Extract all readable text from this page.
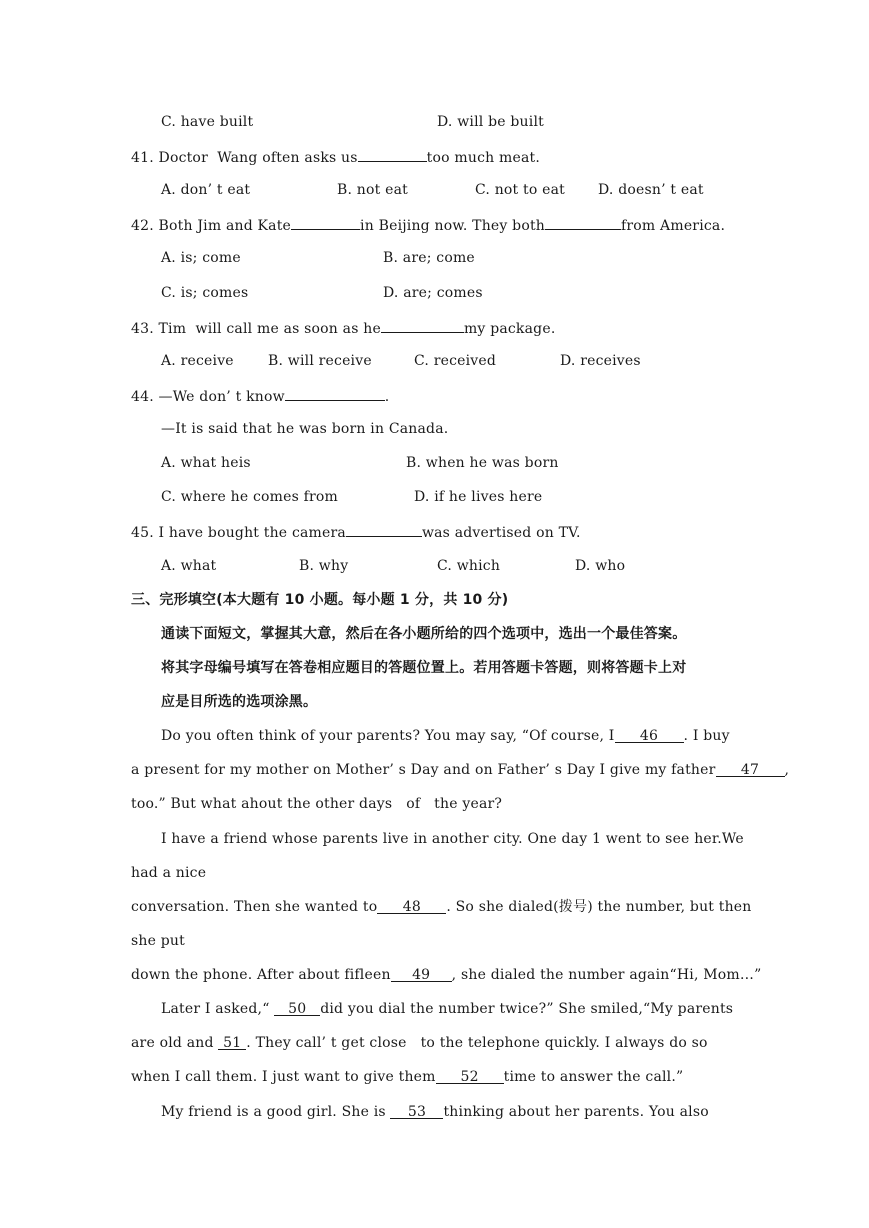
C. have built	D. will be built
41. Doctor  Wang often asks us	too much meat.
A. don’ t eat	B. not eat	C. not to eat D. doesn’ t eat
42. Both Jim and Kate	in Beijing now. They both	from America.
A. is; come	B. are; come
C. is; comes	D. are; comes
43. Tim  will call me as soon as he	my package.
A. receive B. will receive	C. received	D. receives
44. —We don’ t know	.
—It is said that he was born in Canada.
A. what heis	B. when he was born
C. where he comes from	D. if he lives here
45. I have bought the camera	was advertised on TV.
A. what	B. why	C. which	D. who
三、完形填空(本大题有 10 小题。每小题 1 分，共 10 分)
通读下面短文，掌握其大意，然后在各小题所给的四个选项中，选出一个最佳答案。
将其字母编号填写在答卷相应题目的答题位置上。若用答题卡答题，则将答题卡上对
应是目所选的选项涂黑。
Do you often think of your parents? You may say, “Of course, I 46 . I buy
a present for my mother on Mother’ s Day and on Father’ s Day I give my father 47 ,
too.” But what ahout the other days   of   the year?
I have a friend whose parents live in another city. One day 1 went to see her.We
had a nice
conversation. Then she wanted to 48 . So she dialed(拨号) the number, but then
she put
down the phone. After about fifleen 49 , she dialed the number again“Hi, Mom…”
Later I asked,“ 50 did you dial the number twice?” She smiled,“My parents
are old and 51 . They call’ t get close   to the telephone quickly. I always do so
when I call them. I just want to give them 52 time to answer the call.”
My friend is a good girl. She is 53 thinking about her parents. You also
